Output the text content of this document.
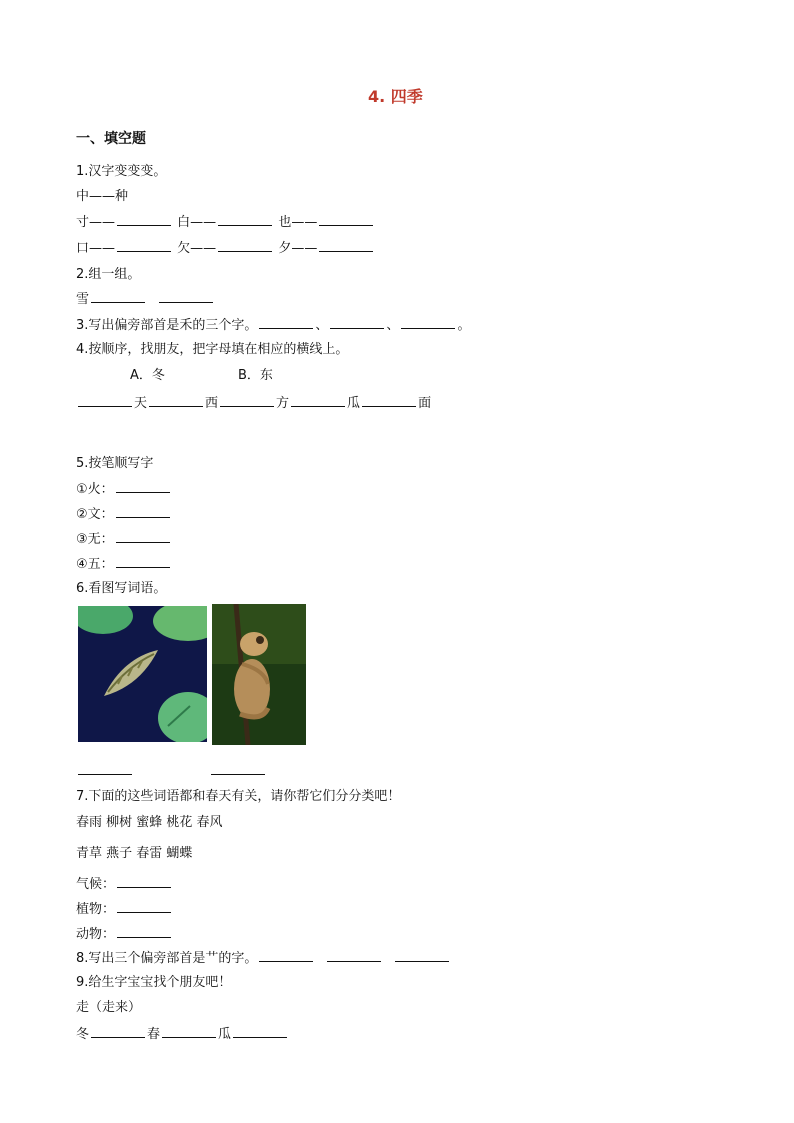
4. 四季
一、填空题
1.汉字变变变。
中——种
寸——	白——	也——
口——	欠——	夕——
2.组一组。
雪
3.写出偏旁部首是禾的三个字。	、	、	。
4.按顺序，找朋友，把字母填在相应的横线上。
A．冬	B．东
天	西	方	瓜	面
5.按笔顺写字
①火：
②文：
③无：
④五：
6.看图写词语。
7.下面的这些词语都和春天有关，请你帮它们分分类吧！
春雨 柳树 蜜蜂 桃花 春风
青草 燕子 春雷 蝴蝶
气候：
植物：
动物：
8.写出三个偏旁部首是艹的字。
9.给生字宝宝找个朋友吧！
走（走来）
冬	春	瓜
